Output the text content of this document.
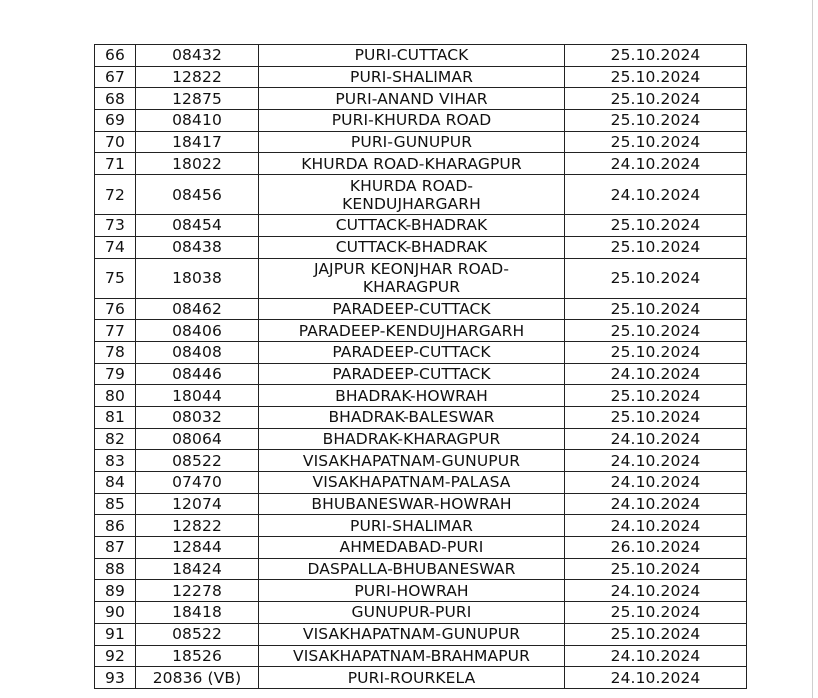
66	08432	PURI-CUTTACK	25.10.2024
67	12822	PURI-SHALIMAR	25.10.2024
68	12875	PURI-ANAND VIHAR	25.10.2024
69	08410	PURI-KHURDA ROAD	25.10.2024
70	18417	PURI-GUNUPUR	25.10.2024
71	18022	KHURDA ROAD-KHARAGPUR	24.10.2024
72	08456	KHURDA ROAD-
KENDUJHARGARH	24.10.2024
73	08454	CUTTACK-BHADRAK	25.10.2024
74	08438	CUTTACK-BHADRAK	25.10.2024
75	18038	JAJPUR KEONJHAR ROAD-
KHARAGPUR	25.10.2024
76	08462	PARADEEP-CUTTACK	25.10.2024
77	08406	PARADEEP-KENDUJHARGARH	25.10.2024
78	08408	PARADEEP-CUTTACK	25.10.2024
79	08446	PARADEEP-CUTTACK	24.10.2024
80	18044	BHADRAK-HOWRAH	25.10.2024
81	08032	BHADRAK-BALESWAR	25.10.2024
82	08064	BHADRAK-KHARAGPUR	24.10.2024
83	08522	VISAKHAPATNAM-GUNUPUR	24.10.2024
84	07470	VISAKHAPATNAM-PALASA	24.10.2024
85	12074	BHUBANESWAR-HOWRAH	24.10.2024
86	12822	PURI-SHALIMAR	24.10.2024
87	12844	AHMEDABAD-PURI	26.10.2024
88	18424	DASPALLA-BHUBANESWAR	25.10.2024
89	12278	PURI-HOWRAH	24.10.2024
90	18418	GUNUPUR-PURI	25.10.2024
91	08522	VISAKHAPATNAM-GUNUPUR	25.10.2024
92	18526	VISAKHAPATNAM-BRAHMAPUR	24.10.2024
93	20836 (VB)	PURI-ROURKELA	24.10.2024
